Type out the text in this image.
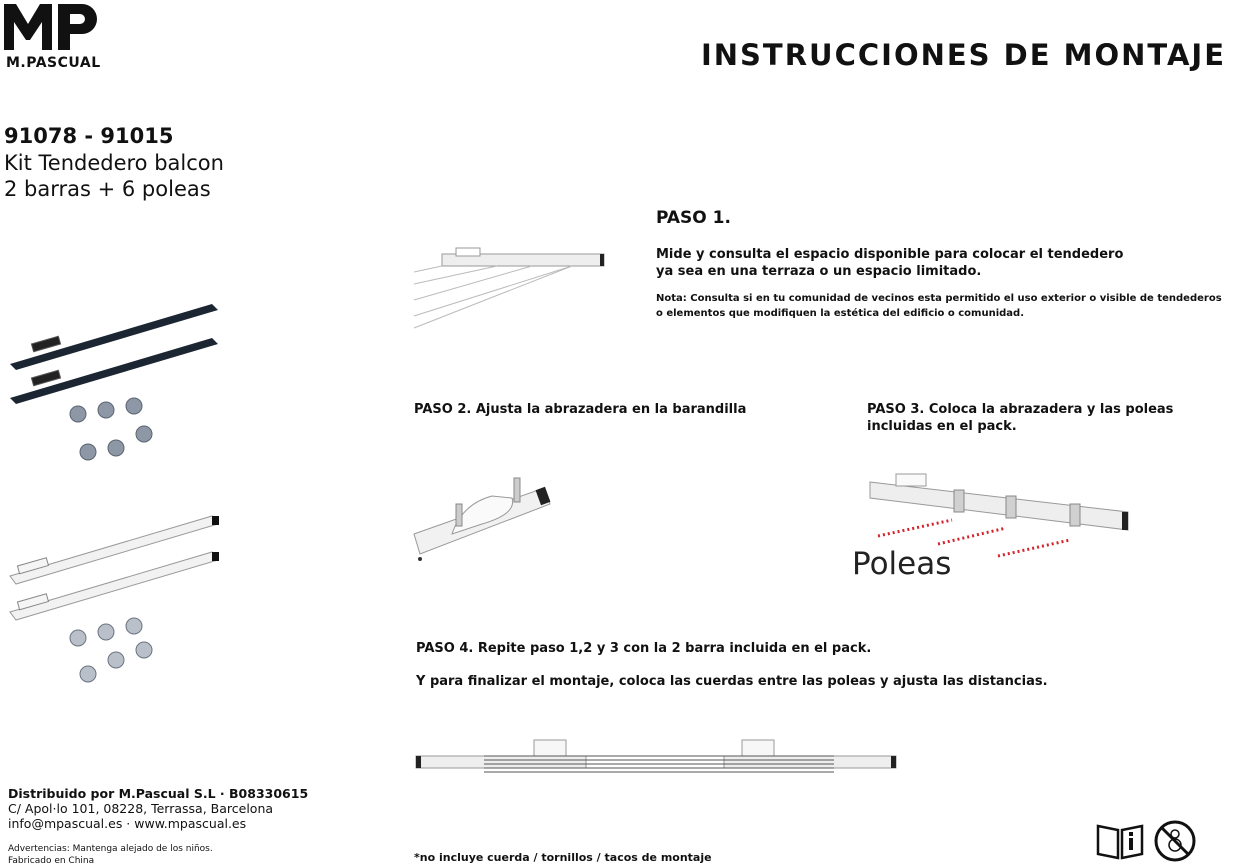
M.PASCUAL	INSTRUCCIONES DE MONTAJE
91078 - 91015
Kit Tendedero balcon
2 barras + 6 poleas
PASO 1.
Mide y consulta el espacio disponible para colocar el tendedero
ya sea en una terraza o un espacio limitado.
Nota: Consulta si en tu comunidad de vecinos esta permitido el uso exterior o visible de tendederos
o elementos que modifiquen la estética del edificio o comunidad.
PASO 2. Ajusta la abrazadera en la barandilla	PASO 3. Coloca la abrazadera y las poleas
incluidas en el pack.
Poleas
PASO 4. Repite paso 1,2 y 3 con la 2 barra incluida en el pack.
Y para finalizar el montaje, coloca las cuerdas entre las poleas y ajusta las distancias.
Distribuido por M.Pascual S.L · B08330615
C/ Apol·lo 101, 08228, Terrassa, Barcelona
info@mpascual.es · www.mpascual.es
Advertencias: Mantenga alejado de los niños.
Fabricado en China	*no incluye cuerda / tornillos / tacos de montaje
